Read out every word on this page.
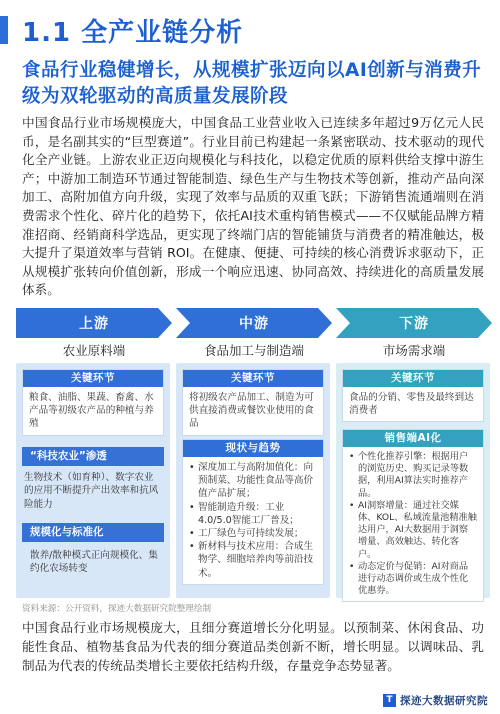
1.1 全产业链分析
食品行业稳健增长，从规模扩张迈向以AI创新与消费升级为双轮驱动的高质量发展阶段
中国食品行业市场规模庞大，中国食品工业营业收入已连续多年超过9万亿元人民币，是名副其实的“巨型赛道”。行业目前已构建起一条紧密联动、技术驱动的现代化全产业链。上游农业正迈向规模化与科技化，以稳定优质的原料供给支撑中游生产；中游加工制造环节通过智能制造、绿色生产与生物技术等创新，推动产品向深加工、高附加值方向升级，实现了效率与品质的双重飞跃；下游销售流通端则在消费需求个性化、碎片化的趋势下，依托AI技术重构销售模式——不仅赋能品牌方精准招商、经销商科学选品，更实现了终端门店的智能铺货与消费者的精准触达，极大提升了渠道效率与营销 ROI。在健康、便捷、可持续的核心消费诉求驱动下，正从规模扩张转向价值创新，形成一个响应迅速、协同高效、持续进化的高质量发展体系。
上游
农业原料端
关键环节
粮食、油脂、果蔬、畜禽、水产品等初级农产品的种植与养殖
“科技农业”渗透
生物技术（如育种）、数字农业的应用不断提升产出效率和抗风险能力
规模化与标准化
散养/散种模式正向规模化、集约化农场转变
中游
食品加工与制造端
关键环节
将初级农产品加工、制造为可供直接消费或餐饮业使用的食品
现状与趋势
• 深度加工与高附加值化：向预制菜、功能性食品等高价值产品扩展；
• 智能制造升级：工业4.0/5.0智能工厂普及；
• 工厂绿色与可持续发展；
• 新材料与技术应用：合成生物学、细胞培养肉等前沿技术。
下游
市场需求端
关键环节
食品的分销、零售及最终到达消费者
销售端AI化
• 个性化推荐引擎：根据用户的浏览历史、购买记录等数据，利用AI算法实时推荐产品。
• AI洞察增量：通过社交媒体、KOL、私域流量池精准触达用户，AI大数据用于洞察增量、高效触达、转化客户。
• 动态定价与促销：AI对商品进行动态调价或生成个性化优惠券。
资料来源：公开资料，探迹大数据研究院整理绘制
中国食品行业市场规模庞大，且细分赛道增长分化明显。以预制菜、休闲食品、功能性食品、植物基食品为代表的细分赛道品类创新不断，增长明显。以调味品、乳制品为代表的传统品类增长主要依托结构升级，存量竞争态势显著。
T 探迹大数据研究院
